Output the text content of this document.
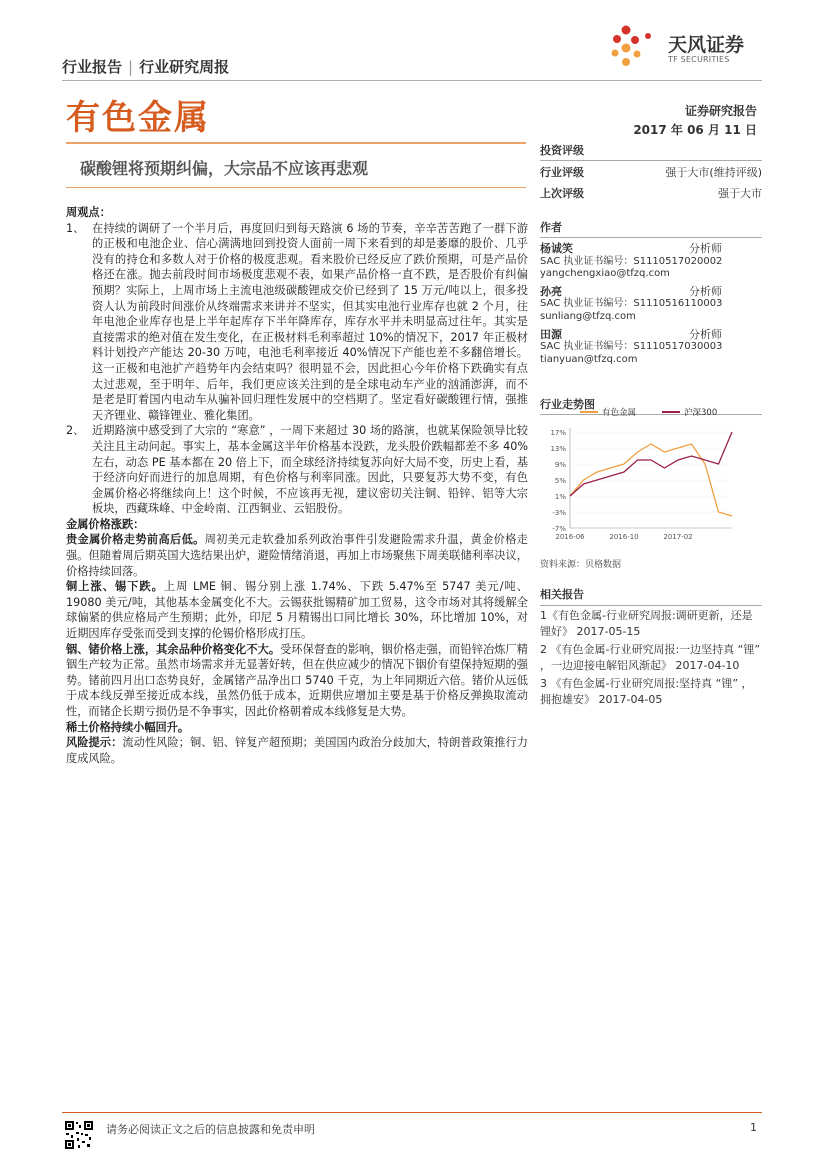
行业报告 | 行业研究周报
天风证券
TF SECURITIES
有色金属	证券研究报告
2017 年 06 月 11 日
碳酸锂将预期纠偏，大宗品不应该再悲观
周观点：
1、 在持续的调研了一个半月后，再度回归到每天路演 6 场的节奏，辛辛苦苦跑了一群下游的正极和电池企业、信心满满地回到投资人面前一周下来看到的却是萎靡的股价、几乎没有的持仓和多数人对于价格的极度悲观。看来股价已经反应了跌价预期，可是产品价格还在涨。抛去前段时间市场极度悲观不表，如果产品价格一直不跌，是否股价有纠偏预期？实际上，上周市场上主流电池级碳酸锂成交价已经到了 15 万元/吨以上，很多投资人认为前段时间涨价从终端需求来讲并不坚实，但其实电池行业库存也就 2 个月，往年电池企业库存也是上半年起库存下半年降库存，库存水平并未明显高过往年。其实是直接需求的绝对值在发生变化，在正极材料毛利率超过 10%的情况下，2017 年正极材料计划投产产能达 20-30 万吨，电池毛利率接近 40%情况下产能也差不多翻倍增长。这一正极和电池扩产趋势年内会结束吗？很明显不会，因此担心今年价格下跌确实有点太过悲观，至于明年、后年，我们更应该关注到的是全球电动车产业的汹涌澎湃，而不是老是盯着国内电动车从骗补回归理性发展中的空档期了。坚定看好碳酸锂行情，强推天齐锂业、赣锋锂业、雅化集团。
2、 近期路演中感受到了大宗的 “寒意” ，一周下来超过 30 场的路演，也就某保险领导比较关注且主动问起。事实上，基本金属这半年价格基本没跌，龙头股价跌幅都差不多 40%左右，动态 PE 基本都在 20 倍上下，而全球经济持续复苏向好大局不变，历史上看，基于经济向好而进行的加息周期，有色价格与利率同涨。因此，只要复苏大势不变，有色金属价格必将继续向上！这个时候，不应该再无视，建议密切关注铜、铅锌、铝等大宗板块，西藏珠峰、中金岭南、江西铜业、云铝股份。
金属价格涨跌：

贵金属价格走势前高后低。周初美元走软叠加系列政治事件引发避险需求升温，黄金价格走强。但随着周后期英国大选结果出炉，避险情绪消退，再加上市场聚焦下周美联储利率决议，价格持续回落。

铜上涨、锡下跌。上周 LME 铜、锡分别上涨 1.74%、下跌 5.47%至 5747 美元/吨、19080 美元/吨，其他基本金属变化不大。云锡获批锡精矿加工贸易，这令市场对其将缓解全球偏紧的供应格局产生预期；此外，印尼 5 月精锡出口同比增长 30%，环比增加 10%，对近期因库存受张而受到支撑的伦锡价格形成打压。

铟、锗价格上涨，其余品种价格变化不大。受环保督查的影响，铟价格走强，而铅锌冶炼厂精铟生产较为正常。虽然市场需求并无显著好转，但在供应减少的情况下铟价有望保持短期的强势。锗前四月出口态势良好，金属锗产品净出口 5740 千克，为上年同期近六倍。锗价从远低于成本线反弹至接近成本线，虽然仍低于成本，近期供应增加主要是基于价格反弹换取流动性，而锗企长期亏损仍是不争事实，因此价格朝着成本线修复是大势。

稀土价格持续小幅回升。

风险提示：流动性风险；铜、铝、锌复产超预期；美国国内政治分歧加大，特朗普政策推行力度成风险。

投资评级
行业评级	强于大市(维持评级)
上次评级	强于大市
作者
杨诚笑	分析师
SAC 执业证书编号：S1110517020002
yangchengxiao@tfzq.com
孙亮	分析师
SAC 执业证书编号：S1110516110003
sunliang@tfzq.com
田源	分析师
SAC 执业证书编号：S1110517030003
tianyuan@tfzq.com
行业走势图
有色金属	沪深300
17%
13%
9%
5%
1%
-3%
-7%
2016-06	2016-10	2017-02
资料来源：贝格数据
相关报告
1《有色金属-行业研究周报:调研更新，还是锂好》 2017-05-15
2 《有色金属-行业研究周报:一边坚持真 “锂” ，一边迎接电解铝风渐起》 2017-04-10
3 《有色金属-行业研究周报:坚持真 “锂” ，拥抱雄安》 2017-04-05
请务必阅读正文之后的信息披露和免责申明	1
